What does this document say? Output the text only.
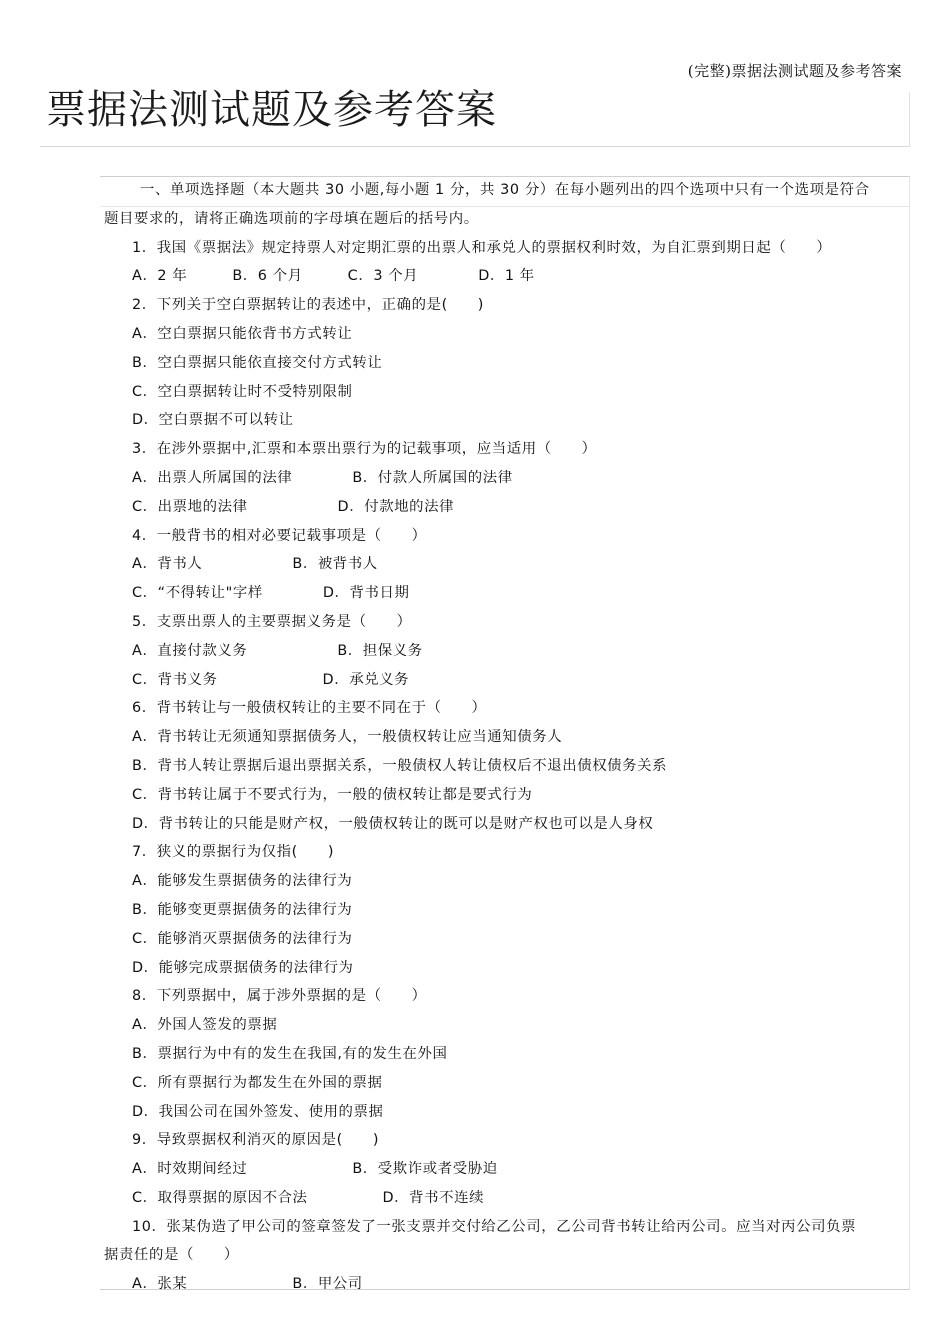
(完整)票据法测试题及参考答案
票据法测试题及参考答案
一、单项选择题（本大题共 30 小题,每小题 1 分，共 30 分）在每小题列出的四个选项中只有一个选项是符合
题目要求的，请将正确选项前的字母填在题后的括号内。
1．我国《票据法》规定持票人对定期汇票的出票人和承兑人的票据权利时效，为自汇票到期日起（　　）
A．2 年　　　B．6 个月　　　C．3 个月　　　　D．1 年
2．下列关于空白票据转让的表述中，正确的是(　　)
A．空白票据只能依背书方式转让
B．空白票据只能依直接交付方式转让
C．空白票据转让时不受特别限制
D．空白票据不可以转让
3．在涉外票据中,汇票和本票出票行为的记载事项，应当适用（　　）
A．出票人所属国的法律　　　　B．付款人所属国的法律
C．出票地的法律　　　　　　D．付款地的法律
4．一般背书的相对必要记载事项是（　　）
A．背书人　　　　　　B．被背书人
C．“不得转让"字样　　　　D．背书日期
5．支票出票人的主要票据义务是（　　）
A．直接付款义务　　　　　　B．担保义务
C．背书义务　　　　　　　D．承兑义务
6．背书转让与一般债权转让的主要不同在于（　　）
A．背书转让无须通知票据债务人，一般债权转让应当通知债务人
B．背书人转让票据后退出票据关系，一般债权人转让债权后不退出债权债务关系
C．背书转让属于不要式行为，一般的债权转让都是要式行为
D．背书转让的只能是财产权，一般债权转让的既可以是财产权也可以是人身权
7．狭义的票据行为仅指(　　)
A．能够发生票据债务的法律行为
B．能够变更票据债务的法律行为
C．能够消灭票据债务的法律行为
D．能够完成票据债务的法律行为
8．下列票据中，属于涉外票据的是（　　）
A．外国人签发的票据
B．票据行为中有的发生在我国,有的发生在外国
C．所有票据行为都发生在外国的票据
D．我国公司在国外签发、使用的票据
9．导致票据权利消灭的原因是(　　)
A．时效期间经过　　　　　　　B．受欺诈或者受胁迫
C．取得票据的原因不合法　　　　　D．背书不连续
10．张某伪造了甲公司的签章签发了一张支票并交付给乙公司，乙公司背书转让给丙公司。应当对丙公司负票
据责任的是（　　）
A．张某　　　　　　　B．甲公司
